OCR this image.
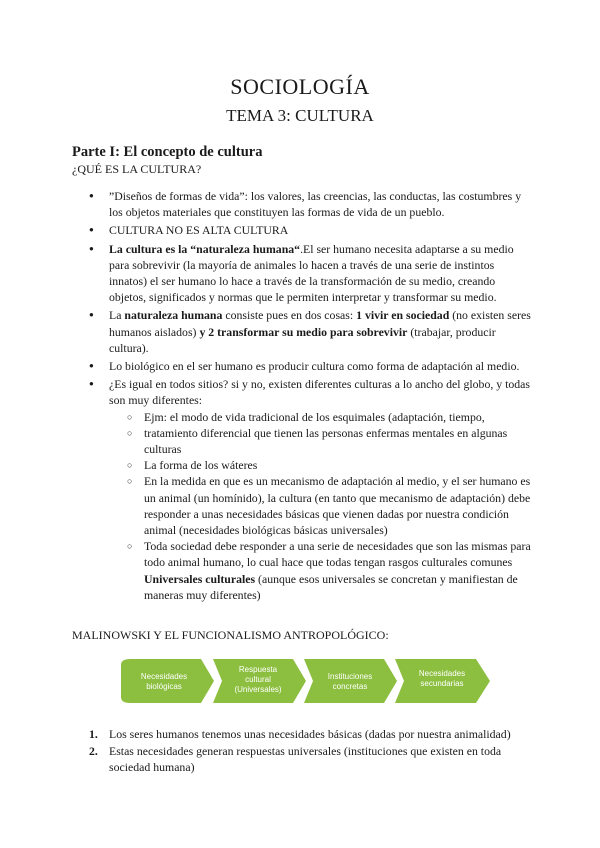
SOCIOLOGÍA
TEMA 3: CULTURA
Parte I: El concepto de cultura
¿QUÉ ES LA CULTURA?
● ”Diseños de formas de vida”: los valores, las creencias, las conductas, las costumbres y los objetos materiales que constituyen las formas de vida de un pueblo.
● CULTURA NO ES ALTA CULTURA
● La cultura es la “naturaleza humana“.El ser humano necesita adaptarse a su medio para sobrevivir (la mayoría de animales lo hacen a través de una serie de instintos innatos) el ser humano lo hace a través de la transformación de su medio, creando objetos, significados y normas que le permiten interpretar y transformar su medio.
● La naturaleza humana consiste pues en dos cosas: 1 vivir en sociedad (no existen seres humanos aislados) y 2 transformar su medio para sobrevivir (trabajar, producir cultura).
● Lo biológico en el ser humano es producir cultura como forma de adaptación al medio.
● ¿Es igual en todos sitios? si y no, existen diferentes culturas a lo ancho del globo, y todas son muy diferentes:
○ Ejm: el modo de vida tradicional de los esquimales (adaptación, tiempo,
○ tratamiento diferencial que tienen las personas enfermas mentales en algunas culturas
○ La forma de los wáteres
○ En la medida en que es un mecanismo de adaptación al medio, y el ser humano es un animal (un homínido), la cultura (en tanto que mecanismo de adaptación) debe responder a unas necesidades básicas que vienen dadas por nuestra condición animal (necesidades biológicas básicas universales)
○ Toda sociedad debe responder a una serie de necesidades que son las mismas para todo animal humano, lo cual hace que todas tengan rasgos culturales comunes Universales culturales (aunque esos universales se concretan y manifiestan de maneras muy diferentes)
MALINOWSKI Y EL FUNCIONALISMO ANTROPOLÓGICO:
Necesidades
biológicas
Respuesta
cultural
(Universales)
Instituciones
concretas
Necesidades
secundarias
1. Los seres humanos tenemos unas necesidades básicas (dadas por nuestra animalidad)
2. Estas necesidades generan respuestas universales (instituciones que existen en toda sociedad humana)
